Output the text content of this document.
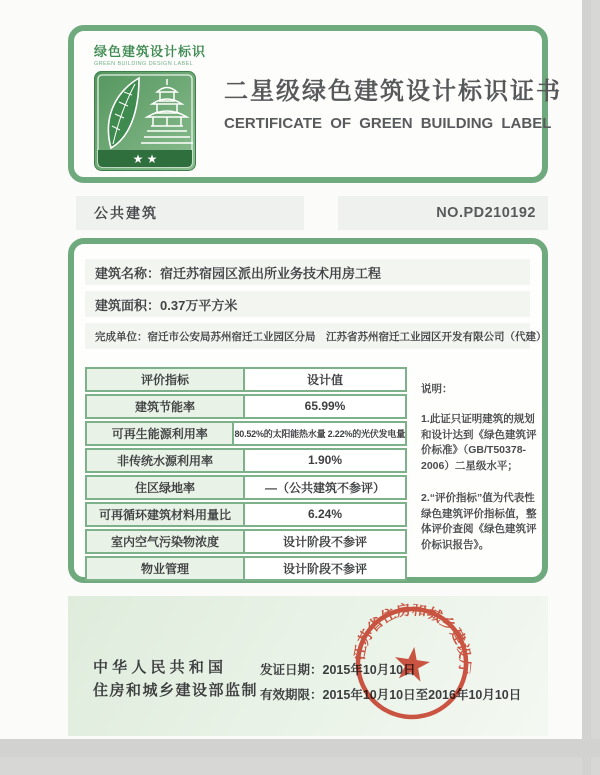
绿色建筑设计标识
GREEN BUILDING DESIGN LABEL
★ ★
二星级绿色建筑设计标识证书
CERTIFICATE OF GREEN BUILDING LABEL
公共建筑	NO.PD210192
建筑名称： 宿迁苏宿园区派出所业务技术用房工程
建筑面积： 0.37万平方米
完成单位： 宿迁市公安局苏州宿迁工业园区分局　江苏省苏州宿迁工业园区开发有限公司（代建）
评价指标	设计值
建筑节能率	65.99%
可再生能源利用率	80.52%的太阳能热水量 2.22%的光伏发电量
非传统水源利用率	1.90%
住区绿地率	—（公共建筑不参评）
可再循环建筑材料用量比	6.24%
室内空气污染物浓度	设计阶段不参评
物业管理	设计阶段不参评
说明：

1.此证只证明建筑的规划和设计达到《绿色建筑评价标准》（GB/T50378-2006）二星级水平；

2.“评价指标”值为代表性绿色建筑评价指标值，整体评价查阅《绿色建筑评价标识报告》。

中 华 人 民 共 和 国
住房和城乡建设部监制
发证日期：2015年10月10日
有效期限：2015年10月10日至2016年10月10日
江苏省住房和城乡建设厅
★
